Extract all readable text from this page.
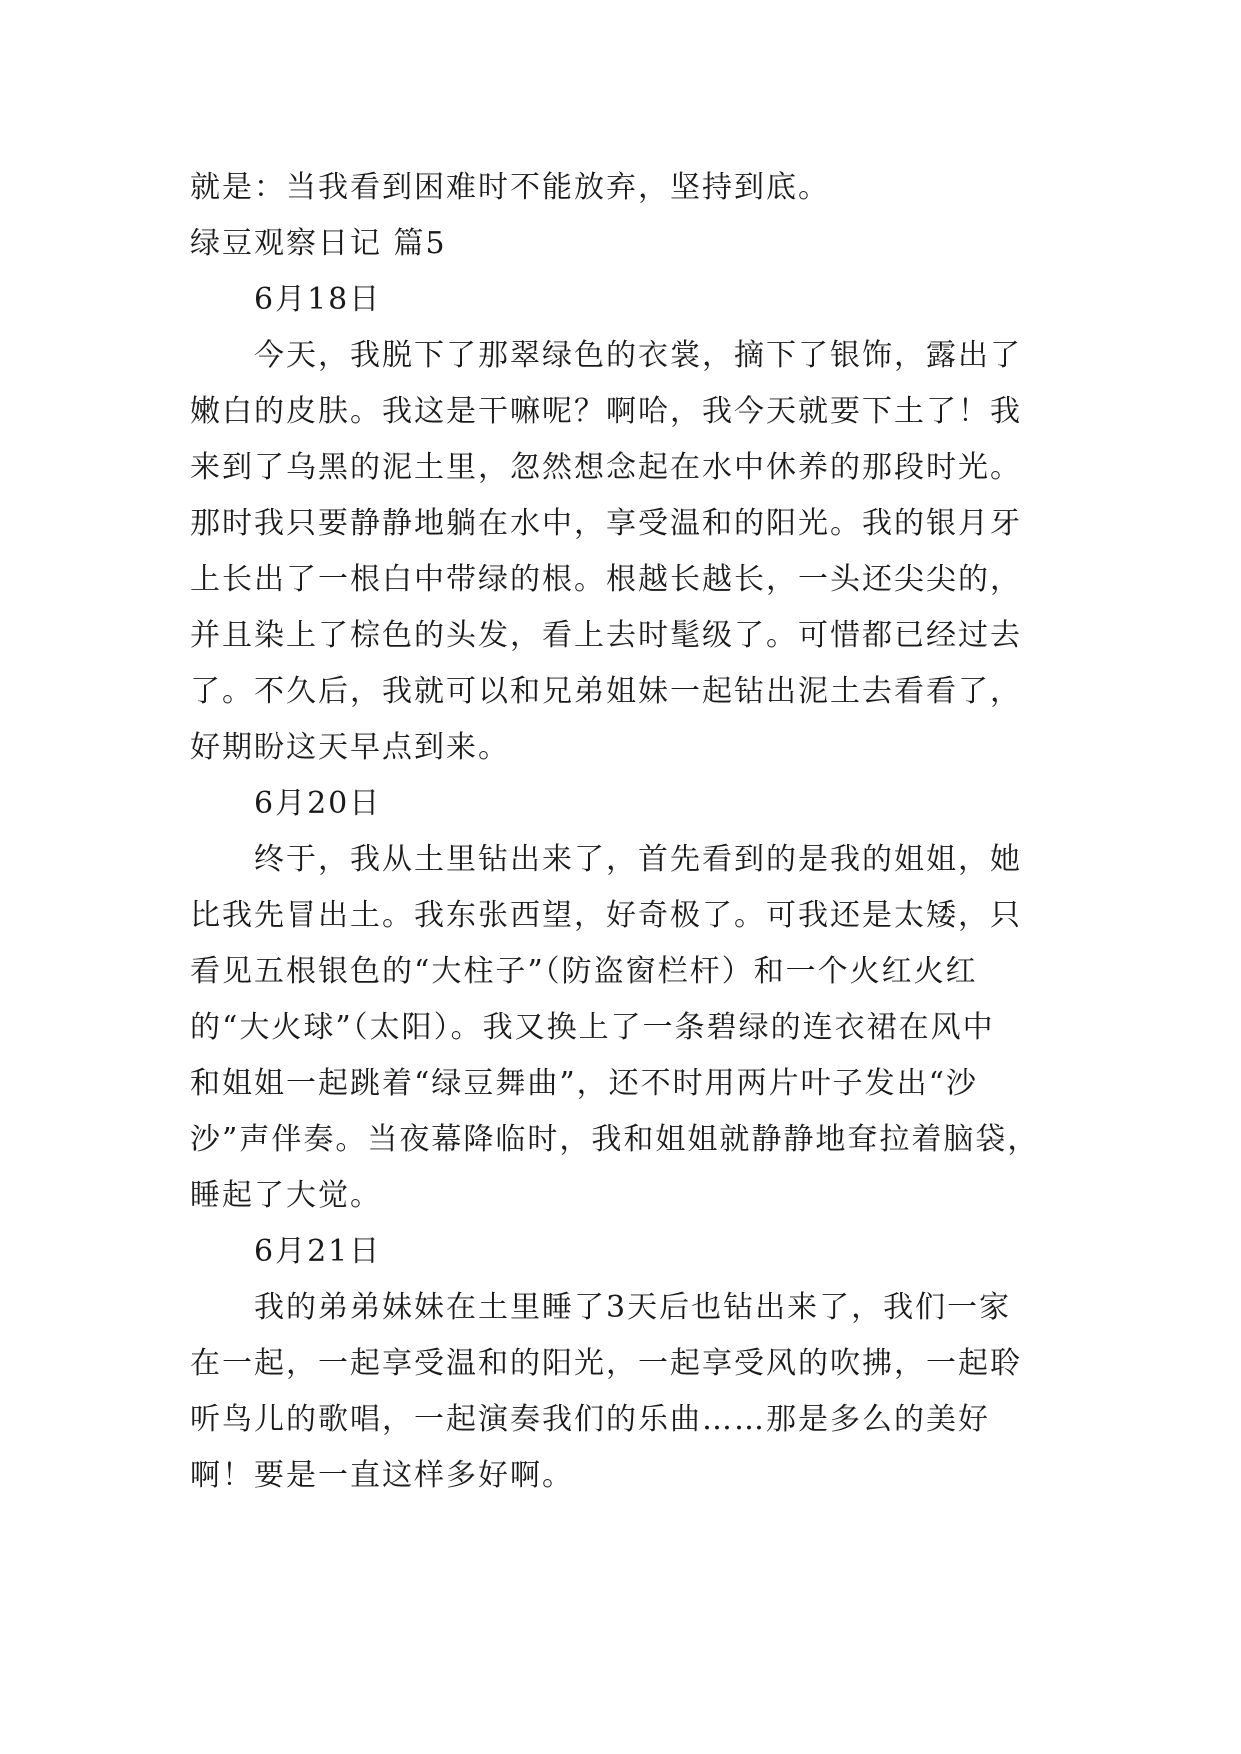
就是：当我看到困难时不能放弃，坚持到底。
绿豆观察日记 篇5
6月18日
今天，我脱下了那翠绿色的衣裳，摘下了银饰，露出了
嫩白的皮肤。我这是干嘛呢？啊哈，我今天就要下土了！我
来到了乌黑的泥土里，忽然想念起在水中休养的那段时光。
那时我只要静静地躺在水中，享受温和的阳光。我的银月牙
上长出了一根白中带绿的根。根越长越长，一头还尖尖的，
并且染上了棕色的头发，看上去时髦级了。可惜都已经过去
了。不久后，我就可以和兄弟姐妹一起钻出泥土去看看了，
好期盼这天早点到来。
6月20日
终于，我从土里钻出来了，首先看到的是我的姐姐，她
比我先冒出土。我东张西望，好奇极了。可我还是太矮，只
看见五根银色的“大柱子”（防盗窗栏杆）和一个火红火红
的“大火球”（太阳）。我又换上了一条碧绿的连衣裙在风中
和姐姐一起跳着“绿豆舞曲”，还不时用两片叶子发出“沙
沙”声伴奏。当夜幕降临时，我和姐姐就静静地耷拉着脑袋，
睡起了大觉。
6月21日
我的弟弟妹妹在土里睡了3天后也钻出来了，我们一家
在一起，一起享受温和的阳光，一起享受风的吹拂，一起聆
听鸟儿的歌唱，一起演奏我们的乐曲……那是多么的美好
啊！要是一直这样多好啊。
